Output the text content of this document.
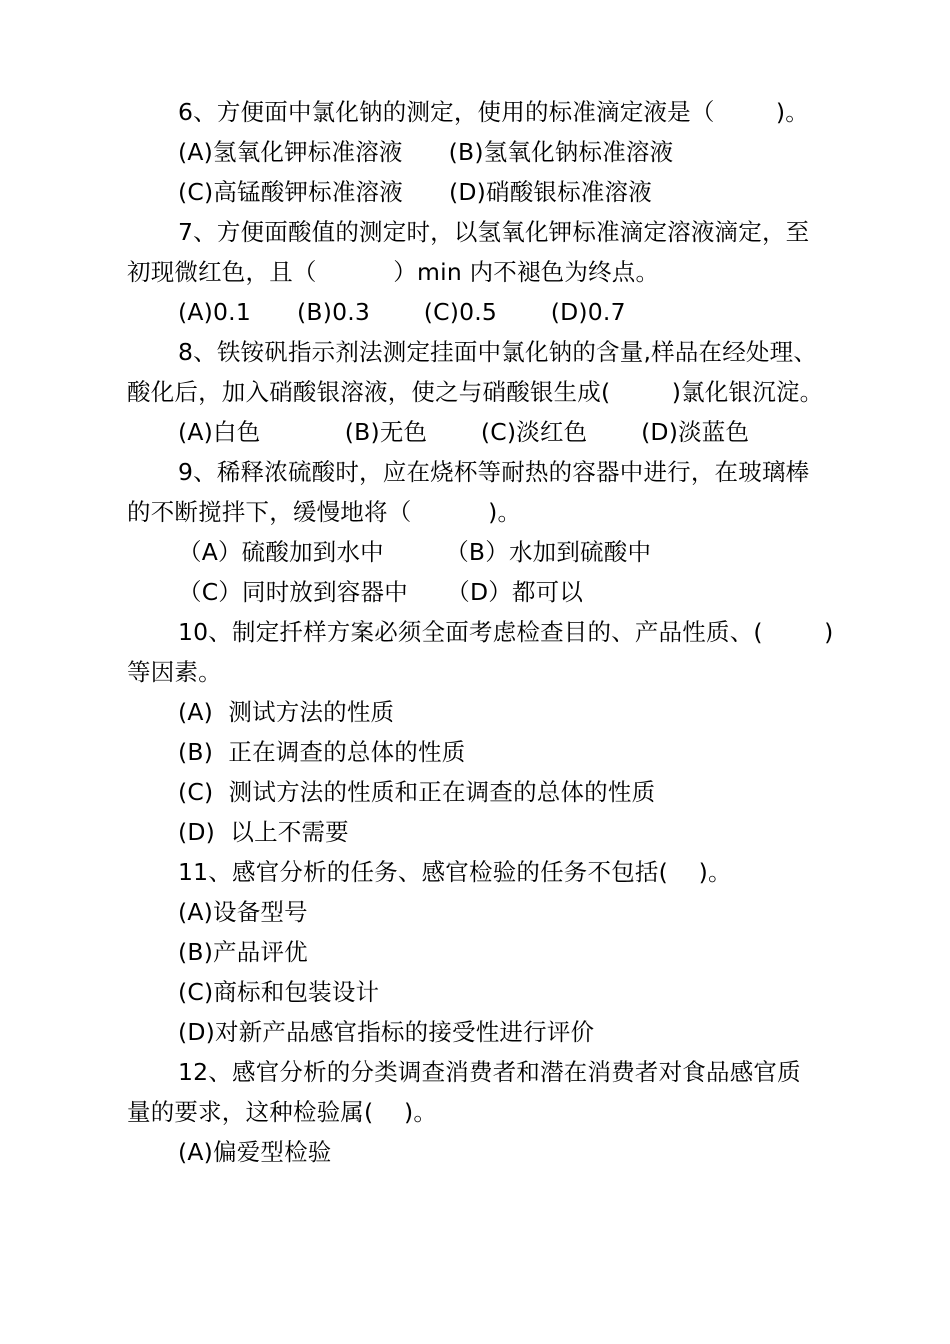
6、方便面中氯化钠的测定，使用的标准滴定液是（        )。
(A)氢氧化钾标准溶液      (B)氢氧化钠标准溶液
(C)高锰酸钾标准溶液      (D)硝酸银标准溶液
7、方便面酸值的测定时，以氢氧化钾标准滴定溶液滴定，至
初现微红色，且（          ）min 内不褪色为终点。
(A)0.1      (B)0.3       (C)0.5       (D)0.7
8、铁铵矾指示剂法测定挂面中氯化钠的含量,样品在经处理、
酸化后，加入硝酸银溶液，使之与硝酸银生成(        )氯化银沉淀。
(A)白色           (B)无色       (C)淡红色       (D)淡蓝色
9、稀释浓硫酸时，应在烧杯等耐热的容器中进行，在玻璃棒
的不断搅拌下，缓慢地将（          )。
（A）硫酸加到水中        （B）水加到硫酸中
（C）同时放到容器中     （D）都可以
10、制定扦样方案必须全面考虑检查目的、产品性质、(        )
等因素。
(A)  测试方法的性质
(B)  正在调查的总体的性质
(C)  测试方法的性质和正在调查的总体的性质
(D)  以上不需要
11、感官分析的任务、感官检验的任务不包括(    )。
(A)设备型号
(B)产品评优
(C)商标和包装设计
(D)对新产品感官指标的接受性进行评价
12、感官分析的分类调查消费者和潜在消费者对食品感官质
量的要求，这种检验属(    )。
(A)偏爱型检验
